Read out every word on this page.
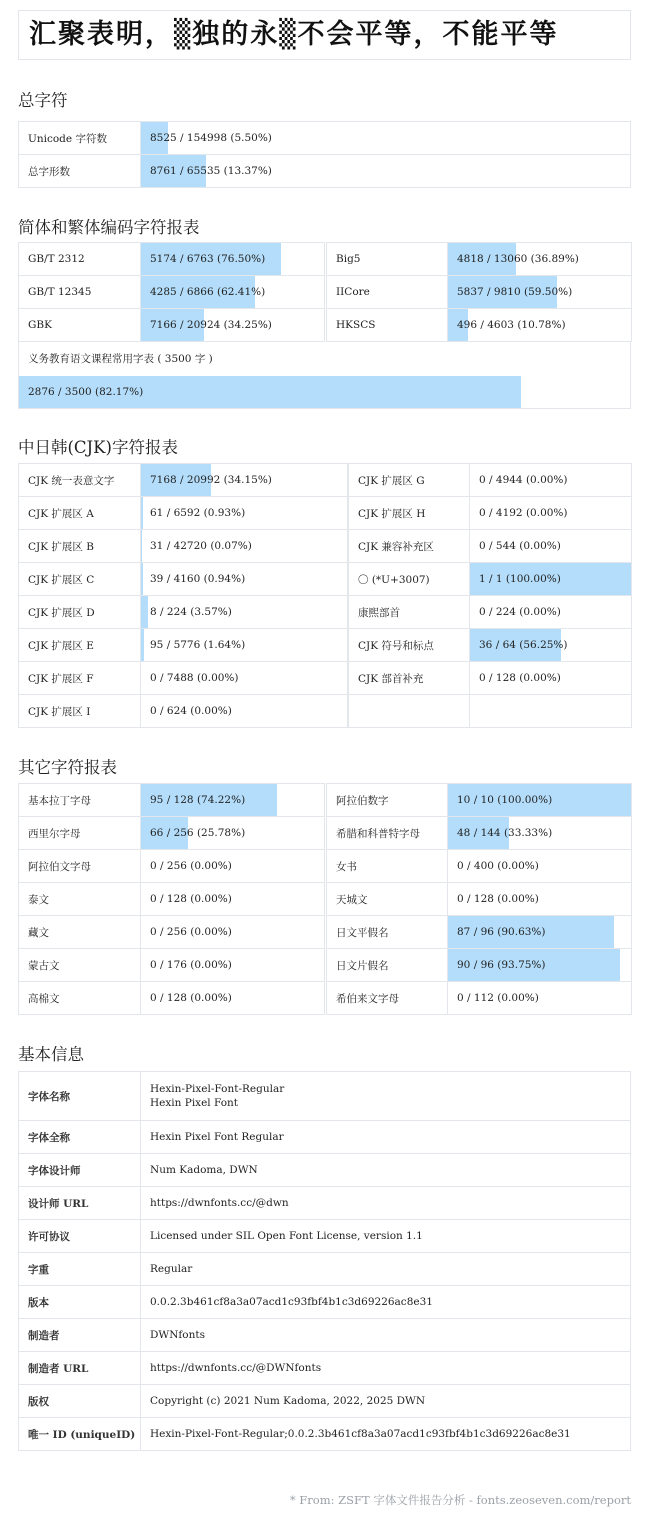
汇聚表明，▒独的永▒不会平等，不能平等
总字符
Unicode 字符数	8525 / 154998 (5.50%)
总字形数	8761 / 65535 (13.37%)
简体和繁体编码字符报表
GB/T 2312	5174 / 6763 (76.50%)		Big5	4818 / 13060 (36.89%)
GB/T 12345	4285 / 6866 (62.41%)		IICore	5837 / 9810 (59.50%)
GBK	7166 / 20924 (34.25%)		HKSCS	496 / 4603 (10.78%)
义务教育语文课程常用字表 ( 3500 字 )
2876 / 3500 (82.17%)
中日韩(CJK)字符报表
CJK 统一表意文字	7168 / 20992 (34.15%)		CJK 扩展区 G	0 / 4944 (0.00%)
CJK 扩展区 A	61 / 6592 (0.93%)		CJK 扩展区 H	0 / 4192 (0.00%)
CJK 扩展区 B	31 / 42720 (0.07%)		CJK 兼容补充区	0 / 544 (0.00%)
CJK 扩展区 C	39 / 4160 (0.94%)		〇 (*U+3007)	1 / 1 (100.00%)
CJK 扩展区 D	8 / 224 (3.57%)		康熙部首	0 / 224 (0.00%)
CJK 扩展区 E	95 / 5776 (1.64%)		CJK 符号和标点	36 / 64 (56.25%)
CJK 扩展区 F	0 / 7488 (0.00%)		CJK 部首补充	0 / 128 (0.00%)
CJK 扩展区 I	0 / 624 (0.00%)			
其它字符报表
基本拉丁字母	95 / 128 (74.22%)		阿拉伯数字	10 / 10 (100.00%)
西里尔字母	66 / 256 (25.78%)		希腊和科普特字母	48 / 144 (33.33%)
阿拉伯文字母	0 / 256 (0.00%)		女书	0 / 400 (0.00%)
泰文	0 / 128 (0.00%)		天城文	0 / 128 (0.00%)
藏文	0 / 256 (0.00%)		日文平假名	87 / 96 (90.63%)
蒙古文	0 / 176 (0.00%)		日文片假名	90 / 96 (93.75%)
高棉文	0 / 128 (0.00%)		希伯来文字母	0 / 112 (0.00%)
基本信息
字体名称	Hexin-Pixel-Font-Regular
Hexin Pixel Font

字体全称	Hexin Pixel Font Regular

字体设计师	Num Kadoma, DWN

设计师 URL	https://dwnfonts.cc/@dwn

许可协议	Licensed under SIL Open Font License, version 1.1

字重	Regular

版本	0.0.2.3b461cf8a3a07acd1c93fbf4b1c3d69226ac8e31

制造者	DWNfonts

制造者 URL	https://dwnfonts.cc/@DWNfonts

版权	Copyright (c) 2021 Num Kadoma, 2022, 2025 DWN

唯一 ID (uniqueID)	Hexin-Pixel-Font-Regular;0.0.2.3b461cf8a3a07acd1c93fbf4b1c3d69226ac8e31
* From: ZSFT 字体文件报告分析 - fonts.zeoseven.com/report
